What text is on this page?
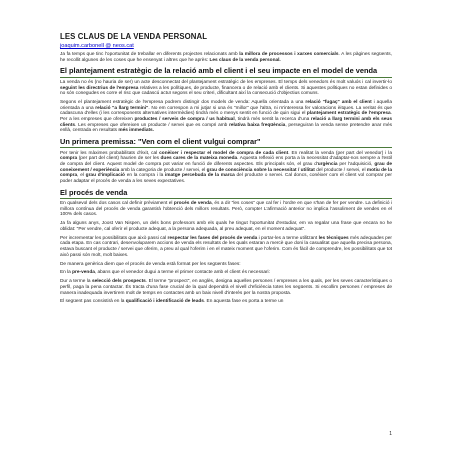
LES CLAUS DE LA VENDA PERSONAL
joaquim.carbonell @ neos.cat
Ja fa temps que tinc l'oportunitat de treballar en diferents projectes relacionats amb la millora de processos i xarxes comercials. A les pàgines següents, he recollit algunes de les coses que he ensenyat i altres que he après: Les claus de la venda personal.
El plantejament estratègic de la relació amb el client i el seu impacte en el model de venda
La venda no és (no hauria de ser) un acte desconnectat del plantejament estratègic de les empreses. El temps dels venedors és molt valuós i cal invertir-lo seguint les directrius de l'empresa relatives a les polítiques, de producte, financera o de relació amb el clients. Si aquestes polítiques no estan definides o no són conegudes es corre el risc que cadascú actuï segons el seu criteri, dificultant així la consecució d'objectius comuns.
Segons el plantejament estratègic de l'empresa podrem distingir dos models de venda: Aquella orientada a una relació "fugaç" amb el client i aquella orientada a una relació "a llarg termini". No em correspon a mi jutjar si una és "millor" que l'altra, ni m'interessa fer valoracions èitques. La veritat és que cadascuna d'elles (i les corresponents alternatives intermèdies) tindrà més o menys sentit en funció de quin sigui el plantejament estratègic de l'empresa. Per a les empreses que ofereixen productes / serveis de compra / us habitual, tindrà més sentit la recerca d'una relació a llarg termini amb els seus clients. Les empreses que ofereixen un producte / servei que es compri amb relativa baixa freqüència, perseguiran la venda sense pretendre anar més enllà, centrada en resultats més immediats.
Un primera premissa: "Ven com el client vulgui comprar"
Per tenir les màximes probabilitats d'èxit, cal conèixer i respectar el model de compra de cada client. En realitat la venda (per part del venedor) i la compra (per part del client) haurien de ser les dues cares de la mateixa moneda. Aquesta reflexió ens porta a la necessitat d'adaptar-nos sempre a l'estil de compra del client. Aquest model de compra pot variar en funció de diferents aspectes. Els principals són, el grau d'urgència per l'adquisició, grau de coneixement / experiència amb la categoria de producte / servei, el grau de consciència sobre la necessitat / utilitat del producte / servei, el motiu de la compra, el grau d'implicació en la compra i la imatge percebuda de la marca del producte o servei. Cal doncs, conèixer com el client vol comprar per poder adaptar el procés de venda a les seves expectatives.
El procés de venda
En qualsevol dels dos casos cal definir prèviament el procés de venda, és a dir "les coses" que cal fer i l'ordre en que s'han de fer per vendre. La definició i millora contínua del procés de venda garantirà l'obtenció dels millors resultats. Però, compte! L'afirmació anterior no implica l'assoliment de vendes en el 100% dels casos.
Ja fa alguns anys, Joost Van Nispen, un dels bons professors amb els quals he tingut l'oportunitat d'estudiar, em va regalar una frase que encara no he oblidat: "Per vendre, cal oferir el producte adequat, a la persona adequada, al preu adequat, en el moment adequat".
Per incrementar les possibilitats que això passi cal respectar les fases del procés de venda i portar-les a terme utilitzant les tècniques més adequades per cada etapa. En cas contrari, desenvoluparem accions de venda els resultats de les quals estaran a mercè que doni la casualitat que aquella precisa persona, estava buscant el producte / servei que oferim, a preu al qual l'oferim i en el mateix moment que l'oferim. Com és fàcil de comprendre, les possibilitats que tot això passi són molt, molt baixes.
De manera genèrica diem que el procés de venda està format per les següents fases:
En la pre-venda, abans que el venedor dugui a terme el primer contacte amb el client és necessari:
Dur a terme la selecció dels prospects. El terme "prospect", en anglès, designa aquelles persones / empreses a les quals, per les seves característiques o perfil, paga la pena contactar. És tracta d'una fase crucial de la qual dependrà el nivell d'eficiència totes les següents. Si escollim persones / empreses de manera inadequada invertirem molt de temps en contactes amb un baix nivell d'interès per la nostra proposta.
El següent pas consistirà en la qualificació i identificació de leads. En aquesta fase es porta a terme un
1
